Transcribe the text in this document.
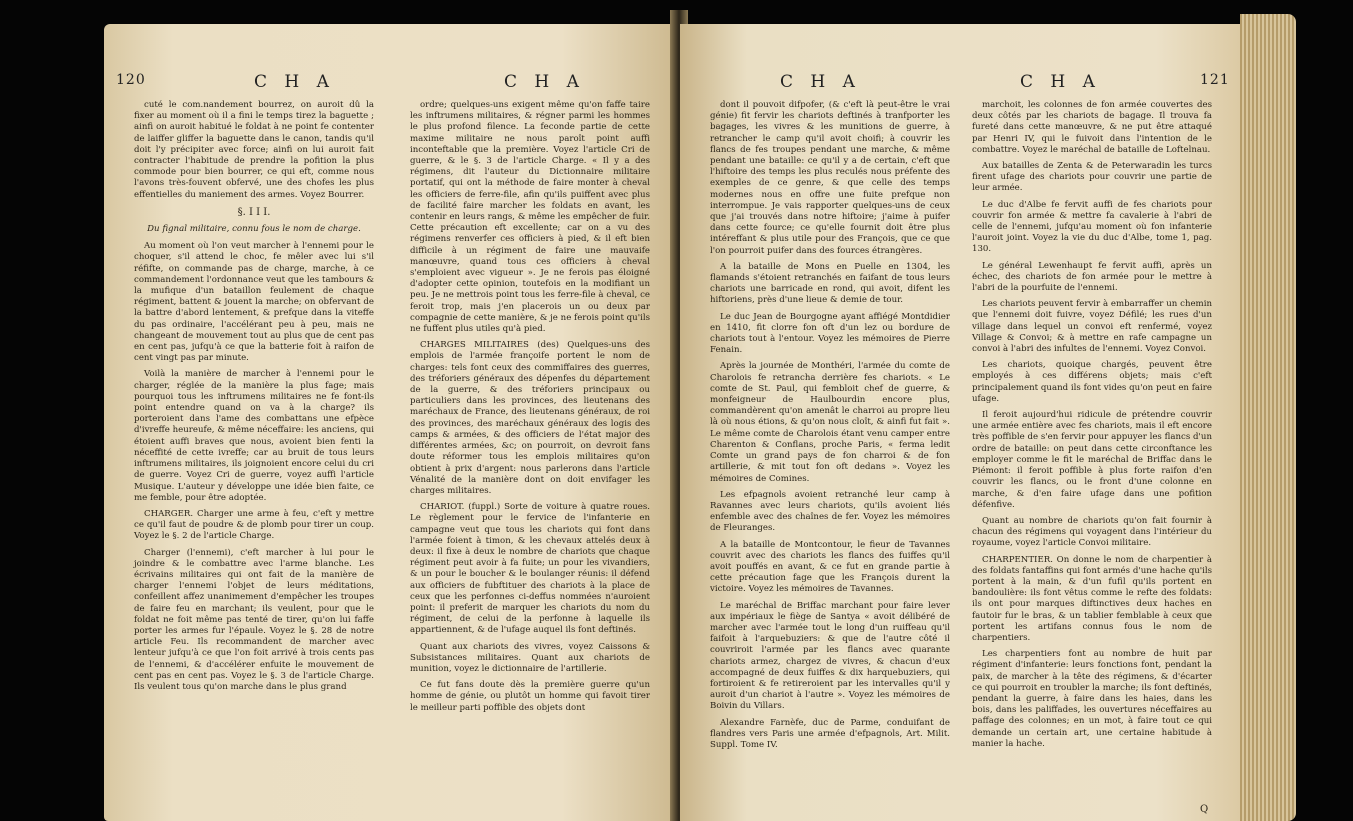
120	C H A	C H A

cuté le com.nandement bourrez, on auroit dû la fixer au moment où il a fini le temps tirez la baguette ; ainfi on auroit habitué le foldat à ne point fe contenter de laiffer gliffer la baguette dans le canon, tandis qu'il doit l'y précipiter avec force; ainfi on lui auroit fait contracter l'habitude de prendre la pofition la plus commode pour bien bourrer, ce qui eft, comme nous l'avons très-fouvent obfervé, une des chofes les plus effentielles du maniement des armes. Voyez Bourrer.

§. I I I.

Du fignal militaire, connu fous le nom de charge.

Au moment où l'on veut marcher à l'ennemi pour le choquer, s'il attend le choc, fe mêler avec lui s'il réfifte, on commande pas de charge, marche, à ce commandement l'ordonnance veut que les tambours & la mufique d'un bataillon feulement de chaque régiment, battent & jouent la marche; on obfervant de la battre d'abord lentement, & prefque dans la viteffe du pas ordinaire, l'accélérant peu à peu, mais ne changeant de mouvement tout au plus que de cent pas en cent pas, jufqu'à ce que la batterie foit à raifon de cent vingt pas par minute.

Voilà la manière de marcher à l'ennemi pour le charger, réglée de la manière la plus fage; mais pourquoi tous les inftrumens militaires ne fe font-ils point entendre quand on va à la charge? ils porteroient dans l'ame des combattans une efpèce d'ivreffe heureufe, & même néceffaire: les anciens, qui étoient auffi braves que nous, avoient bien fenti la néceffité de cette ivreffe; car au bruit de tous leurs inftrumens militaires, ils joignoient encore celui du cri de guerre. Voyez Cri de guerre, voyez auffi l'article Musique. L'auteur y développe une idée bien faite, ce me femble, pour être adoptée.

CHARGER. Charger une arme à feu, c'eft y mettre ce qu'il faut de poudre & de plomb pour tirer un coup. Voyez le §. 2 de l'article Charge.

Charger (l'ennemi), c'eft marcher à lui pour le joindre & le combattre avec l'arme blanche. Les écrivains militaires qui ont fait de la manière de charger l'ennemi l'objet de leurs méditations, confeillent affez unanimement d'empêcher les troupes de faire feu en marchant; ils veulent, pour que le foldat ne foit même pas tenté de tirer, qu'on lui faffe porter les armes fur l'épaule. Voyez le §. 28 de notre article Feu. Ils recommandent de marcher avec lenteur jufqu'à ce que l'on foit arrivé à trois cents pas de l'ennemi, & d'accélérer enfuite le mouvement de cent pas en cent pas. Voyez le §. 3 de l'article Charge. Ils veulent tous qu'on marche dans le plus grand

ordre; quelques-uns exigent même qu'on faffe taire les inftrumens militaires, & régner parmi les hommes le plus profond filence. La feconde partie de cette maxime militaire ne nous paroît point auffi inconteftable que la première. Voyez l'article Cri de guerre, & le §. 3 de l'article Charge. « Il y a des régimens, dit l'auteur du Dictionnaire militaire portatif, qui ont la méthode de faire monter à cheval les officiers de ferre-file, afin qu'ils puiffent avec plus de facilité faire marcher les foldats en avant, les contenir en leurs rangs, & même les empêcher de fuir. Cette précaution eft excellente; car on a vu des régimens renverfer ces officiers à pied, & il eft bien difficile à un régiment de faire une mauvaife manœuvre, quand tous ces officiers à cheval s'emploient avec vigueur ». Je ne ferois pas éloigné d'adopter cette opinion, toutefois en la modifiant un peu. Je ne mettrois point tous les ferre-file à cheval, ce feroit trop, mais j'en placerois un ou deux par compagnie de cette manière, & je ne ferois point qu'ils ne fuffent plus utiles qu'à pied.

CHARGES MILITAIRES (des) Quelques-uns des emplois de l'armée françoife portent le nom de charges: tels font ceux des commiffaires des guerres, des tréforiers généraux des dépenfes du département de la guerre, & des tréforiers principaux ou particuliers dans les provinces, des lieutenans des maréchaux de France, des lieutenans généraux, de roi des provinces, des maréchaux généraux des logis des camps & armées, & des officiers de l'état major des différentes armées, &c; on pourroit, on devroit fans doute réformer tous les emplois militaires qu'on obtient à prix d'argent: nous parlerons dans l'article Vénalité de la manière dont on doit envifager les charges militaires.

CHARIOT. (fuppl.) Sorte de voiture à quatre roues. Le règlement pour le fervice de l'infanterie en campagne veut que tous les chariots qui font dans l'armée foient à timon, & les chevaux attelés deux à deux: il fixe à deux le nombre de chariots que chaque régiment peut avoir à fa fuite; un pour les vivandiers, & un pour le boucher & le boulanger réunis: il défend aux officiers de fubftituer des chariots à la place de ceux que les perfonnes ci-deffus nommées n'auroient point: il preferit de marquer les chariots du nom du régiment, de celui de la perfonne à laquelle ils appartiennent, & de l'ufage auquel ils font deftinés.

Quant aux chariots des vivres, voyez Caissons & Subsistances militaires. Quant aux chariots de munition, voyez le dictionnaire de l'artillerie.

Ce fut fans doute dès la première guerre qu'un homme de génie, ou plutôt un homme qui favoit tirer le meilleur parti poffible des objets dont

C H A	C H A	121

dont il pouvoit difpofer, (& c'eft là peut-être le vrai génie) fit fervir les chariots deftinés à tranfporter les bagages, les vivres & les munitions de guerre, à retrancher le camp qu'il avoit choifi; à couvrir les flancs de fes troupes pendant une marche, & même pendant une bataille: ce qu'il y a de certain, c'eft que l'hiftoire des temps les plus reculés nous préfente des exemples de ce genre, & que celle des temps modernes nous en offre une fuite prefque non interrompue. Je vais rapporter quelques-uns de ceux que j'ai trouvés dans notre hiftoire; j'aime à puifer dans cette fource; ce qu'elle fournit doit être plus intéreffant & plus utile pour des François, que ce que l'on pourroit puifer dans des fources étrangères.

A la bataille de Mons en Puelle en 1304, les flamands s'étoient retranchés en faifant de tous leurs chariots une barricade en rond, qui avoit, difent les hiftoriens, près d'une lieue & demie de tour.

Le duc Jean de Bourgogne ayant affiégé Montdidier en 1410, fit clorre fon oft d'un lez ou bordure de chariots tout à l'entour. Voyez les mémoires de Pierre Fenain.

Après la journée de Monthéri, l'armée du comte de Charolois fe retrancha derrière fes chariots. « Le comte de St. Paul, qui fembloit chef de guerre, & monfeigneur de Haulbourdin encore plus, commandèrent qu'on amenât le charroi au propre lieu là où nous étions, & qu'on nous cloît, & ainfi fut fait ». Le même comte de Charolois étant venu camper entre Charenton & Conflans, proche Paris, « ferma ledit Comte un grand pays de fon charroi & de fon artillerie, & mit tout fon oft dedans ». Voyez les mémoires de Comines.

Les efpagnols avoient retranché leur camp à Ravannes avec leurs chariots, qu'ils avoient liés enfemble avec des chaînes de fer. Voyez les mémoires de Fleuranges.

A la bataille de Montcontour, le fieur de Tavannes couvrit avec des chariots les flancs des fuiffes qu'il avoit pouffés en avant, & ce fut en grande partie à cette précaution fage que les François durent la victoire. Voyez les mémoires de Tavannes.

Le maréchal de Briffac marchant pour faire lever aux impériaux le fiège de Santya « avoit délibéré de marcher avec l'armée tout le long d'un ruiffeau qu'il faifoit à l'arquebuziers: & que de l'autre côté il couvriroit l'armée par les flancs avec quarante chariots armez, chargez de vivres, & chacun d'eux accompagné de deux fuiffes & dix harquebuziers, qui fortiroient & fe retireroient par les intervalles qu'il y auroit d'un chariot à l'autre ». Voyez les mémoires de Boivin du Villars.

Alexandre Farnèfe, duc de Parme, conduifant de flandres vers Paris une armée d'efpagnols, Art. Milit. Suppl. Tome IV.

marchoit, les colonnes de fon armée couvertes des deux côtés par les chariots de bagage. Il trouva fa fureté dans cette manœuvre, & ne put être attaqué par Henri IV, qui le fuivoit dans l'intention de le combattre. Voyez le maréchal de bataille de Loftelnau.

Aux batailles de Zenta & de Peterwaradin les turcs firent ufage des chariots pour couvrir une partie de leur armée.

Le duc d'Albe fe fervit auffi de fes chariots pour couvrir fon armée & mettre fa cavalerie à l'abri de celle de l'ennemi, jufqu'au moment où fon infanterie l'auroit joint. Voyez la vie du duc d'Albe, tome 1, pag. 130.

Le général Lewenhaupt fe fervit auffi, après un échec, des chariots de fon armée pour le mettre à l'abri de la pourfuite de l'ennemi.

Les chariots peuvent fervir à embarraffer un chemin que l'ennemi doit fuivre, voyez Défilé; les rues d'un village dans lequel un convoi eft renfermé, voyez Village & Convoi; & à mettre en rafe campagne un convoi à l'abri des infultes de l'ennemi. Voyez Convoi.

Les chariots, quoique chargés, peuvent être employés à ces différens objets; mais c'eft principalement quand ils font vides qu'on peut en faire ufage.

Il feroit aujourd'hui ridicule de prétendre couvrir une armée entière avec fes chariots, mais il eft encore très poffible de s'en fervir pour appuyer les flancs d'un ordre de bataille: on peut dans cette circonftance les employer comme le fit le maréchal de Briffac dans le Piémont: il feroit poffible à plus forte raifon d'en couvrir les flancs, ou le front d'une colonne en marche, & d'en faire ufage dans une pofition défenfive.

Quant au nombre de chariots qu'on fait fournir à chacun des régimens qui voyagent dans l'intérieur du royaume, voyez l'article Convoi militaire.

CHARPENTIER. On donne le nom de charpentier à des foldats fantaffins qui font armés d'une hache qu'ils portent à la main, & d'un fufil qu'ils portent en bandoulière: ils font vêtus comme le refte des foldats: ils ont pour marques diftinctives deux haches en fautoir fur le bras, & un tablier femblable à ceux que portent les artifans connus fous le nom de charpentiers.

Les charpentiers font au nombre de huit par régiment d'infanterie: leurs fonctions font, pendant la paix, de marcher à la tête des régimens, & d'écarter ce qui pourroit en troubler la marche; ils font deftinés, pendant la guerre, à faire dans les haies, dans les bois, dans les paliffades, les ouvertures néceffaires au paffage des colonnes; en un mot, à faire tout ce qui demande un certain art, une certaine habitude à manier la hache.

Q
